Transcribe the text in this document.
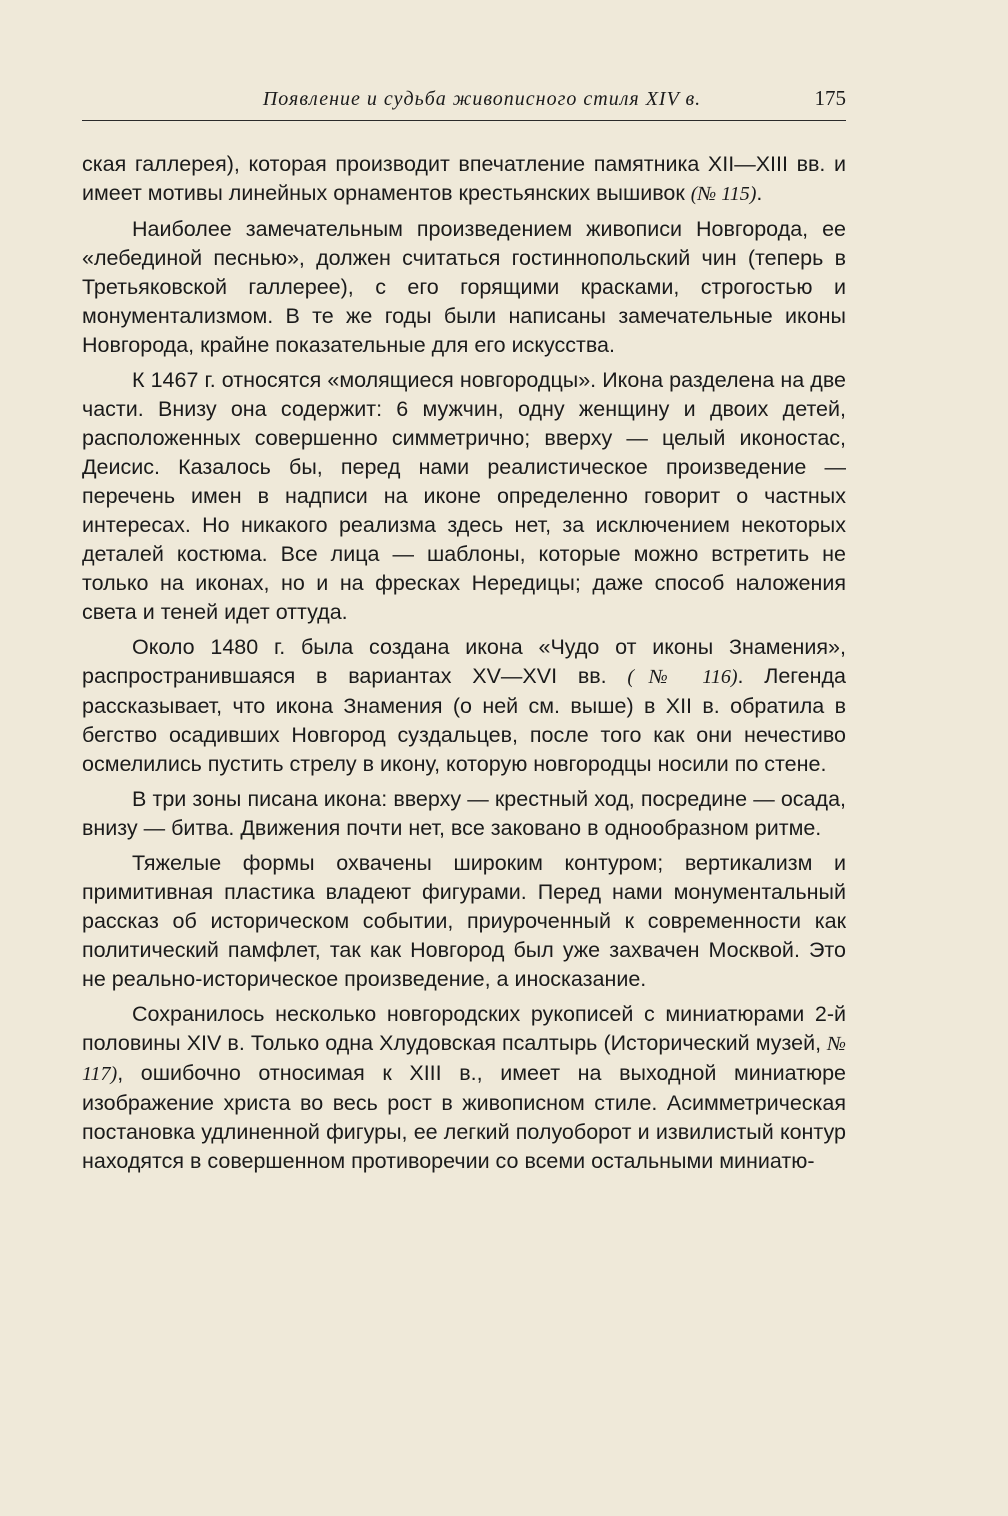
Появление и судьба живописного стиля XIV в.	175

ская галлерея), которая производит впечатление памятника XII—XIII вв. и имеет мотивы линейных орнаментов крестьянских вышивок (№ 115).

Наиболее замечательным произведением живописи Новгорода, ее «лебединой песнью», должен считаться гостиннопольский чин (теперь в Третьяковской галлерее), с его горящими красками, строгостью и монументализмом. В те же годы были написаны замечательные иконы Новгорода, крайне показательные для его искусства.

К 1467 г. относятся «молящиеся новгородцы». Икона разделена на две части. Внизу она содержит: 6 мужчин, одну женщину и двоих детей, расположенных совершенно симметрично; вверху — целый иконостас, Деисис. Казалось бы, перед нами реалистическое произведение — перечень имен в надписи на иконе определенно говорит о частных интересах. Но никакого реализма здесь нет, за исключением некоторых деталей костюма. Все лица — шаблоны, которые можно встретить не только на иконах, но и на фресках Нередицы; даже способ наложения света и теней идет оттуда.

Около 1480 г. была создана икона «Чудо от иконы Знамения», распространившаяся в вариантах XV—XVI вв. (№ 116). Легенда рассказывает, что икона Знамения (о ней см. выше) в XII в. обратила в бегство осадивших Новгород суздальцев, после того как они нечестиво осмелились пустить стрелу в икону, которую новгородцы носили по стене.

В три зоны писана икона: вверху — крестный ход, посредине — осада, внизу — битва. Движения почти нет, все заковано в однообразном ритме.

Тяжелые формы охвачены широким контуром; вертикализм и примитивная пластика владеют фигурами. Перед нами монументальный рассказ об историческом событии, приуроченный к современности как политический памфлет, так как Новгород был уже захвачен Москвой. Это не реально-историческое произведение, а иносказание.

Сохранилось несколько новгородских рукописей с миниатюрами 2-й половины XIV в. Только одна Хлудовская псалтырь (Исторический музей, № 117), ошибочно относимая к XIII в., имеет на выходной миниатюре изображение христа во весь рост в живописном стиле. Асимметрическая постановка удлиненной фигуры, ее легкий полуоборот и извилистый контур находятся в совершенном противоречии со всеми остальными миниатю-
